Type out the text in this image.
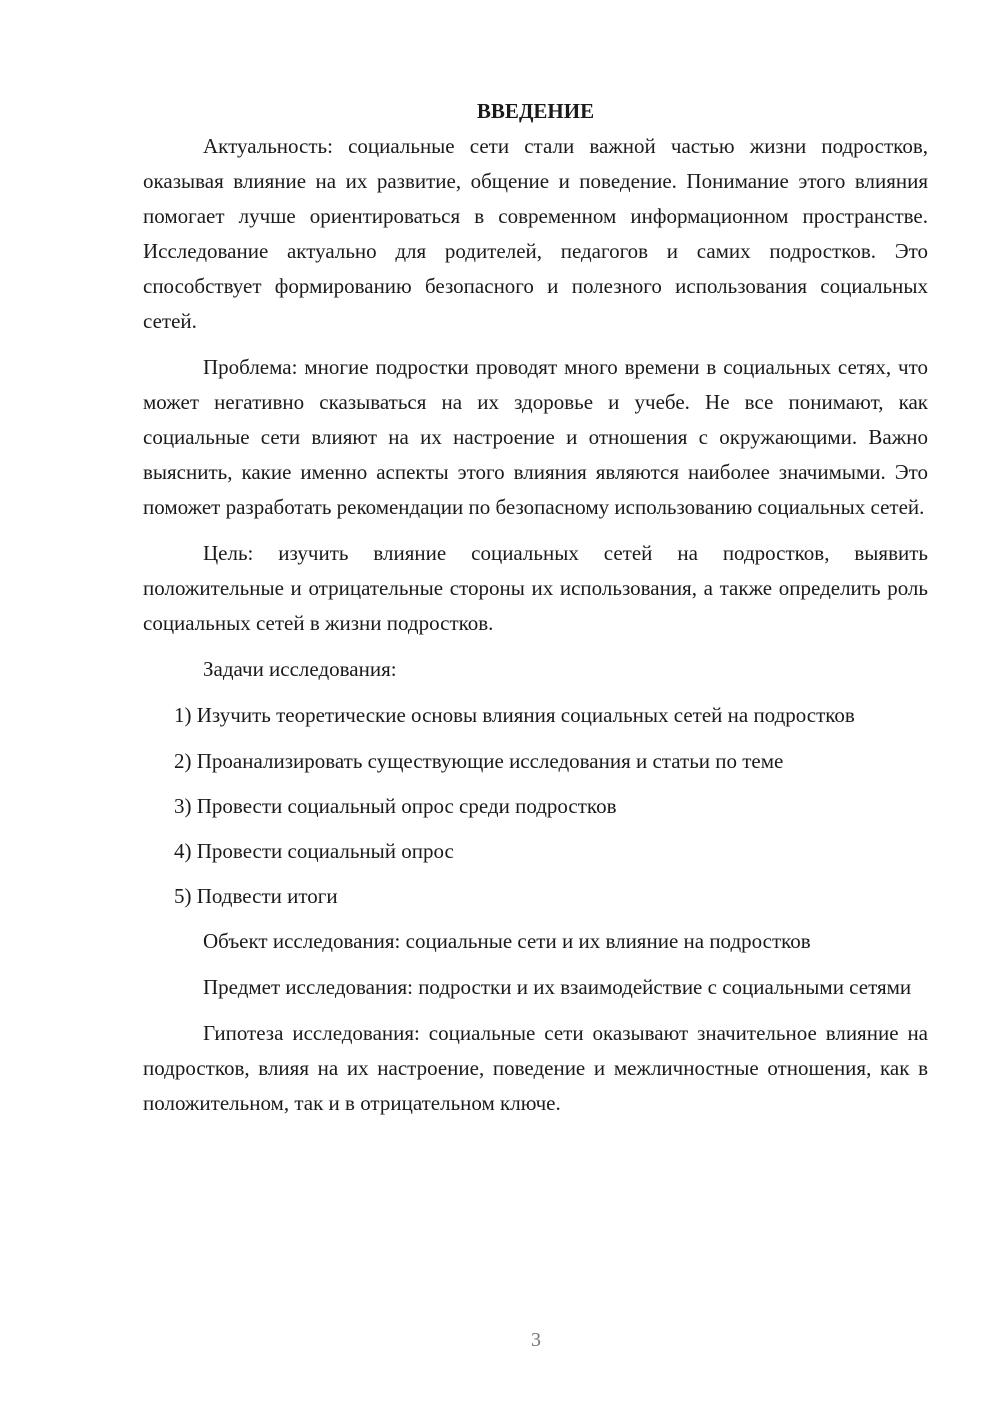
ВВЕДЕНИЕ

Актуальность: социальные сети стали важной частью жизни подростков, оказывая влияние на их развитие, общение и поведение. Понимание этого влияния помогает лучше ориентироваться в современном информационном пространстве. Исследование актуально для родителей, педагогов и самих подростков. Это способствует формированию безопасного и полезного использования социальных сетей.

Проблема: многие подростки проводят много времени в социальных сетях, что может негативно сказываться на их здоровье и учебе. Не все понимают, как социальные сети влияют на их настроение и отношения с окружающими. Важно выяснить, какие именно аспекты этого влияния являются наиболее значимыми. Это поможет разработать рекомендации по безопасному использованию социальных сетей.

Цель: изучить влияние социальных сетей на подростков, выявить положительные и отрицательные стороны их использования, а также определить роль социальных сетей в жизни подростков.

Задачи исследования:

1) Изучить теоретические основы влияния социальных сетей на подростков

2) Проанализировать существующие исследования и статьи по теме

3) Провести социальный опрос среди подростков

4) Провести социальный опрос

5) Подвести итоги

Объект исследования: социальные сети и их влияние на подростков

Предмет исследования: подростки и их взаимодействие с социальными сетями

Гипотеза исследования: социальные сети оказывают значительное влияние на подростков, влияя на их настроение, поведение и межличностные отношения, как в положительном, так и в отрицательном ключе.

3
